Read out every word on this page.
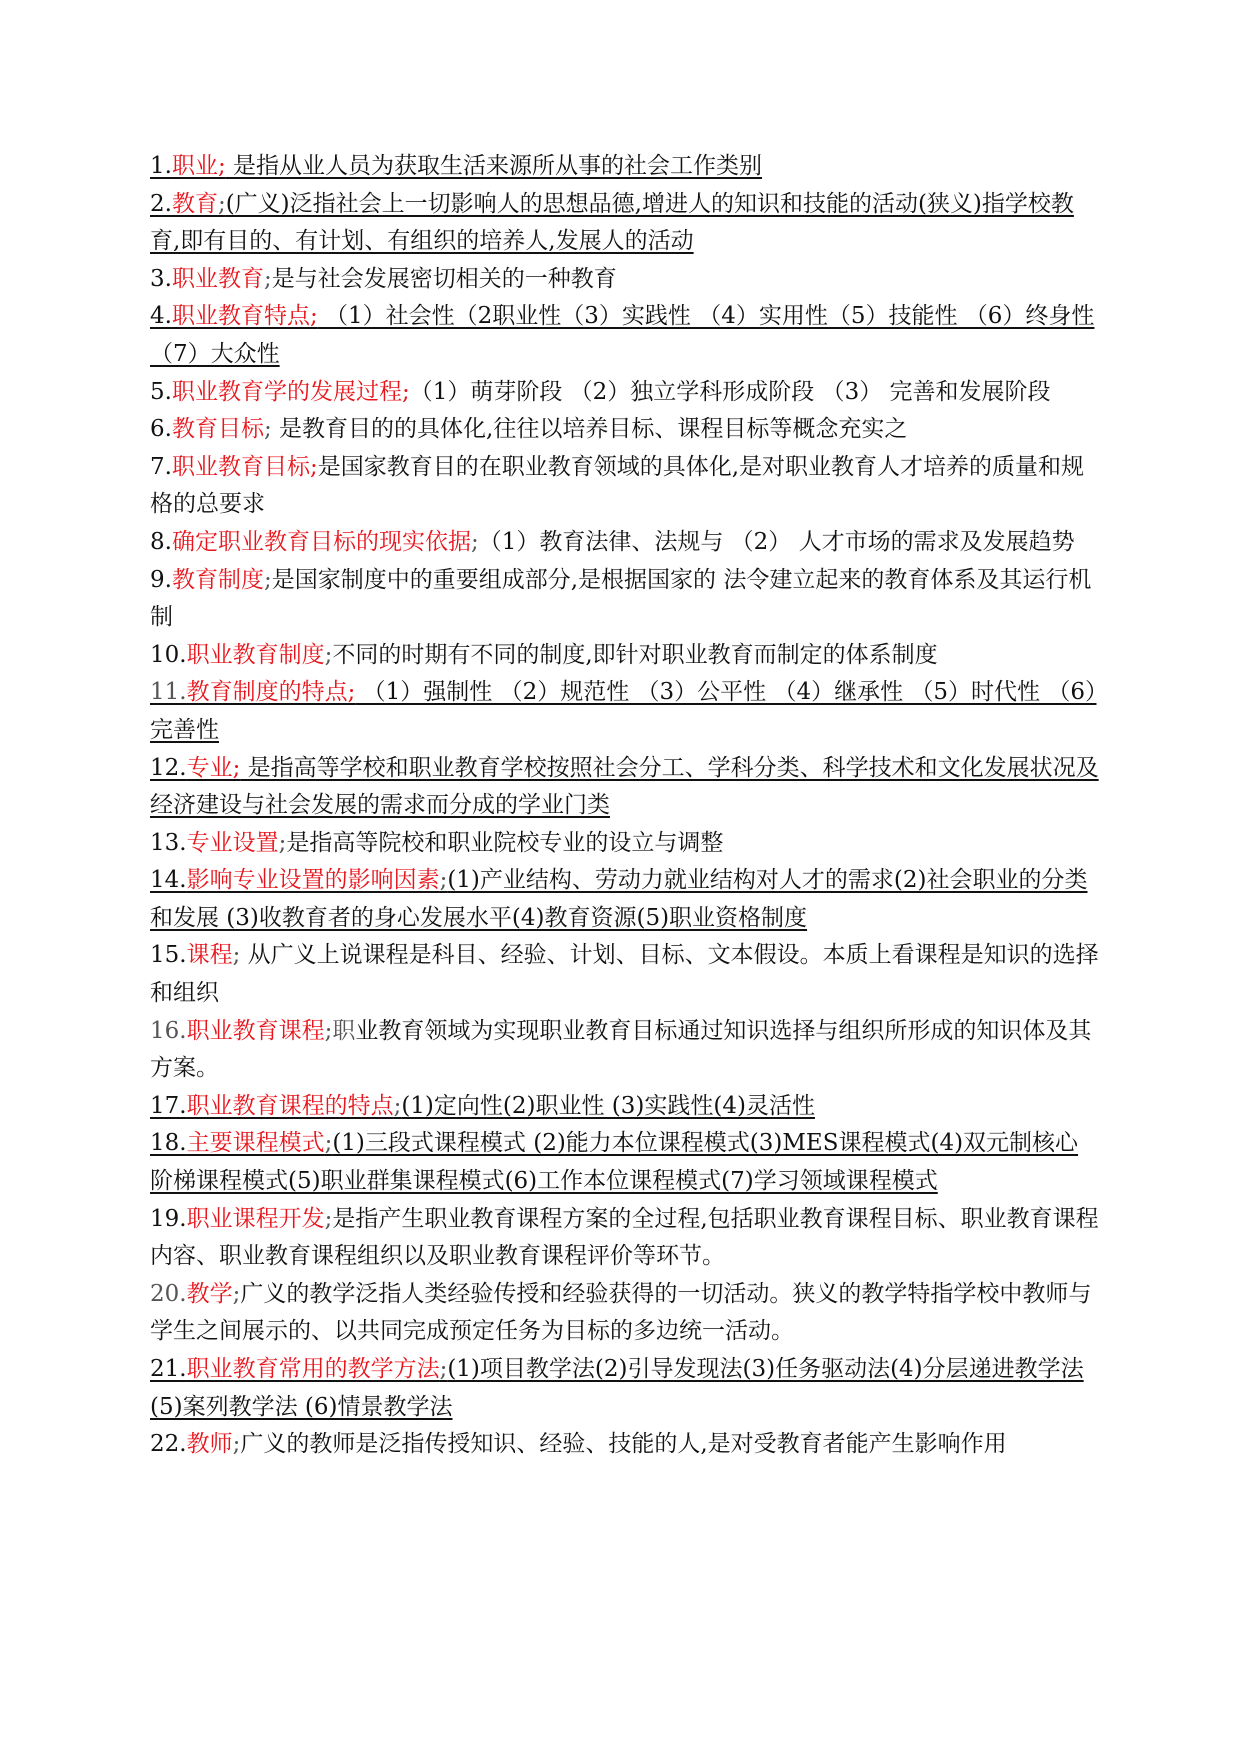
1.职业; 是指从业人员为获取生活来源所从事的社会工作类别

2.教育;(广义)泛指社会上一切影响人的思想品德,增进人的知识和技能的活动(狭义)指学校教育,即有目的、有计划、有组织的培养人,发展人的活动

3.职业教育;是与社会发展密切相关的一种教育

4.职业教育特点; （1）社会性（2职业性（3）实践性 （4）实用性（5）技能性 （6）终身性（7）大众性

5.职业教育学的发展过程;（1）萌芽阶段 （2）独立学科形成阶段 （3） 完善和发展阶段

6.教育目标; 是教育目的的具体化,往往以培养目标、课程目标等概念充实之

7.职业教育目标;是国家教育目的在职业教育领域的具体化,是对职业教育人才培养的质量和规格的总要求

8.确定职业教育目标的现实依据;（1）教育法律、法规与 （2） 人才市场的需求及发展趋势

9.教育制度;是国家制度中的重要组成部分,是根据国家的 法令建立起来的教育体系及其运行机制

10.职业教育制度;不同的时期有不同的制度,即针对职业教育而制定的体系制度

11.教育制度的特点; （1）强制性 （2）规范性 （3）公平性 （4）继承性 （5）时代性 （6）完善性

12.专业; 是指高等学校和职业教育学校按照社会分工、学科分类、科学技术和文化发展状况及经济建设与社会发展的需求而分成的学业门类

13.专业设置;是指高等院校和职业院校专业的设立与调整

14.影响专业设置的影响因素;(1)产业结构、劳动力就业结构对人才的需求(2)社会职业的分类和发展 (3)收教育者的身心发展水平(4)教育资源(5)职业资格制度

15.课程; 从广义上说课程是科目、经验、计划、目标、文本假设。本质上看课程是知识的选择和组织

16.职业教育课程;职业教育领域为实现职业教育目标通过知识选择与组织所形成的知识体及其方案。

17.职业教育课程的特点;(1)定向性(2)职业性 (3)实践性(4)灵活性

18.主要课程模式;(1)三段式课程模式 (2)能力本位课程模式(3)MES课程模式(4)双元制核心阶梯课程模式(5)职业群集课程模式(6)工作本位课程模式(7)学习领域课程模式

19.职业课程开发;是指产生职业教育课程方案的全过程,包括职业教育课程目标、职业教育课程内容、职业教育课程组织以及职业教育课程评价等环节。

20.教学;广义的教学泛指人类经验传授和经验获得的一切活动。狭义的教学特指学校中教师与学生之间展示的、以共同完成预定任务为目标的多边统一活动。

21.职业教育常用的教学方法;(1)项目教学法(2)引导发现法(3)任务驱动法(4)分层递进教学法(5)案列教学法 (6)情景教学法

22.教师;广义的教师是泛指传授知识、经验、技能的人,是对受教育者能产生影响作用
